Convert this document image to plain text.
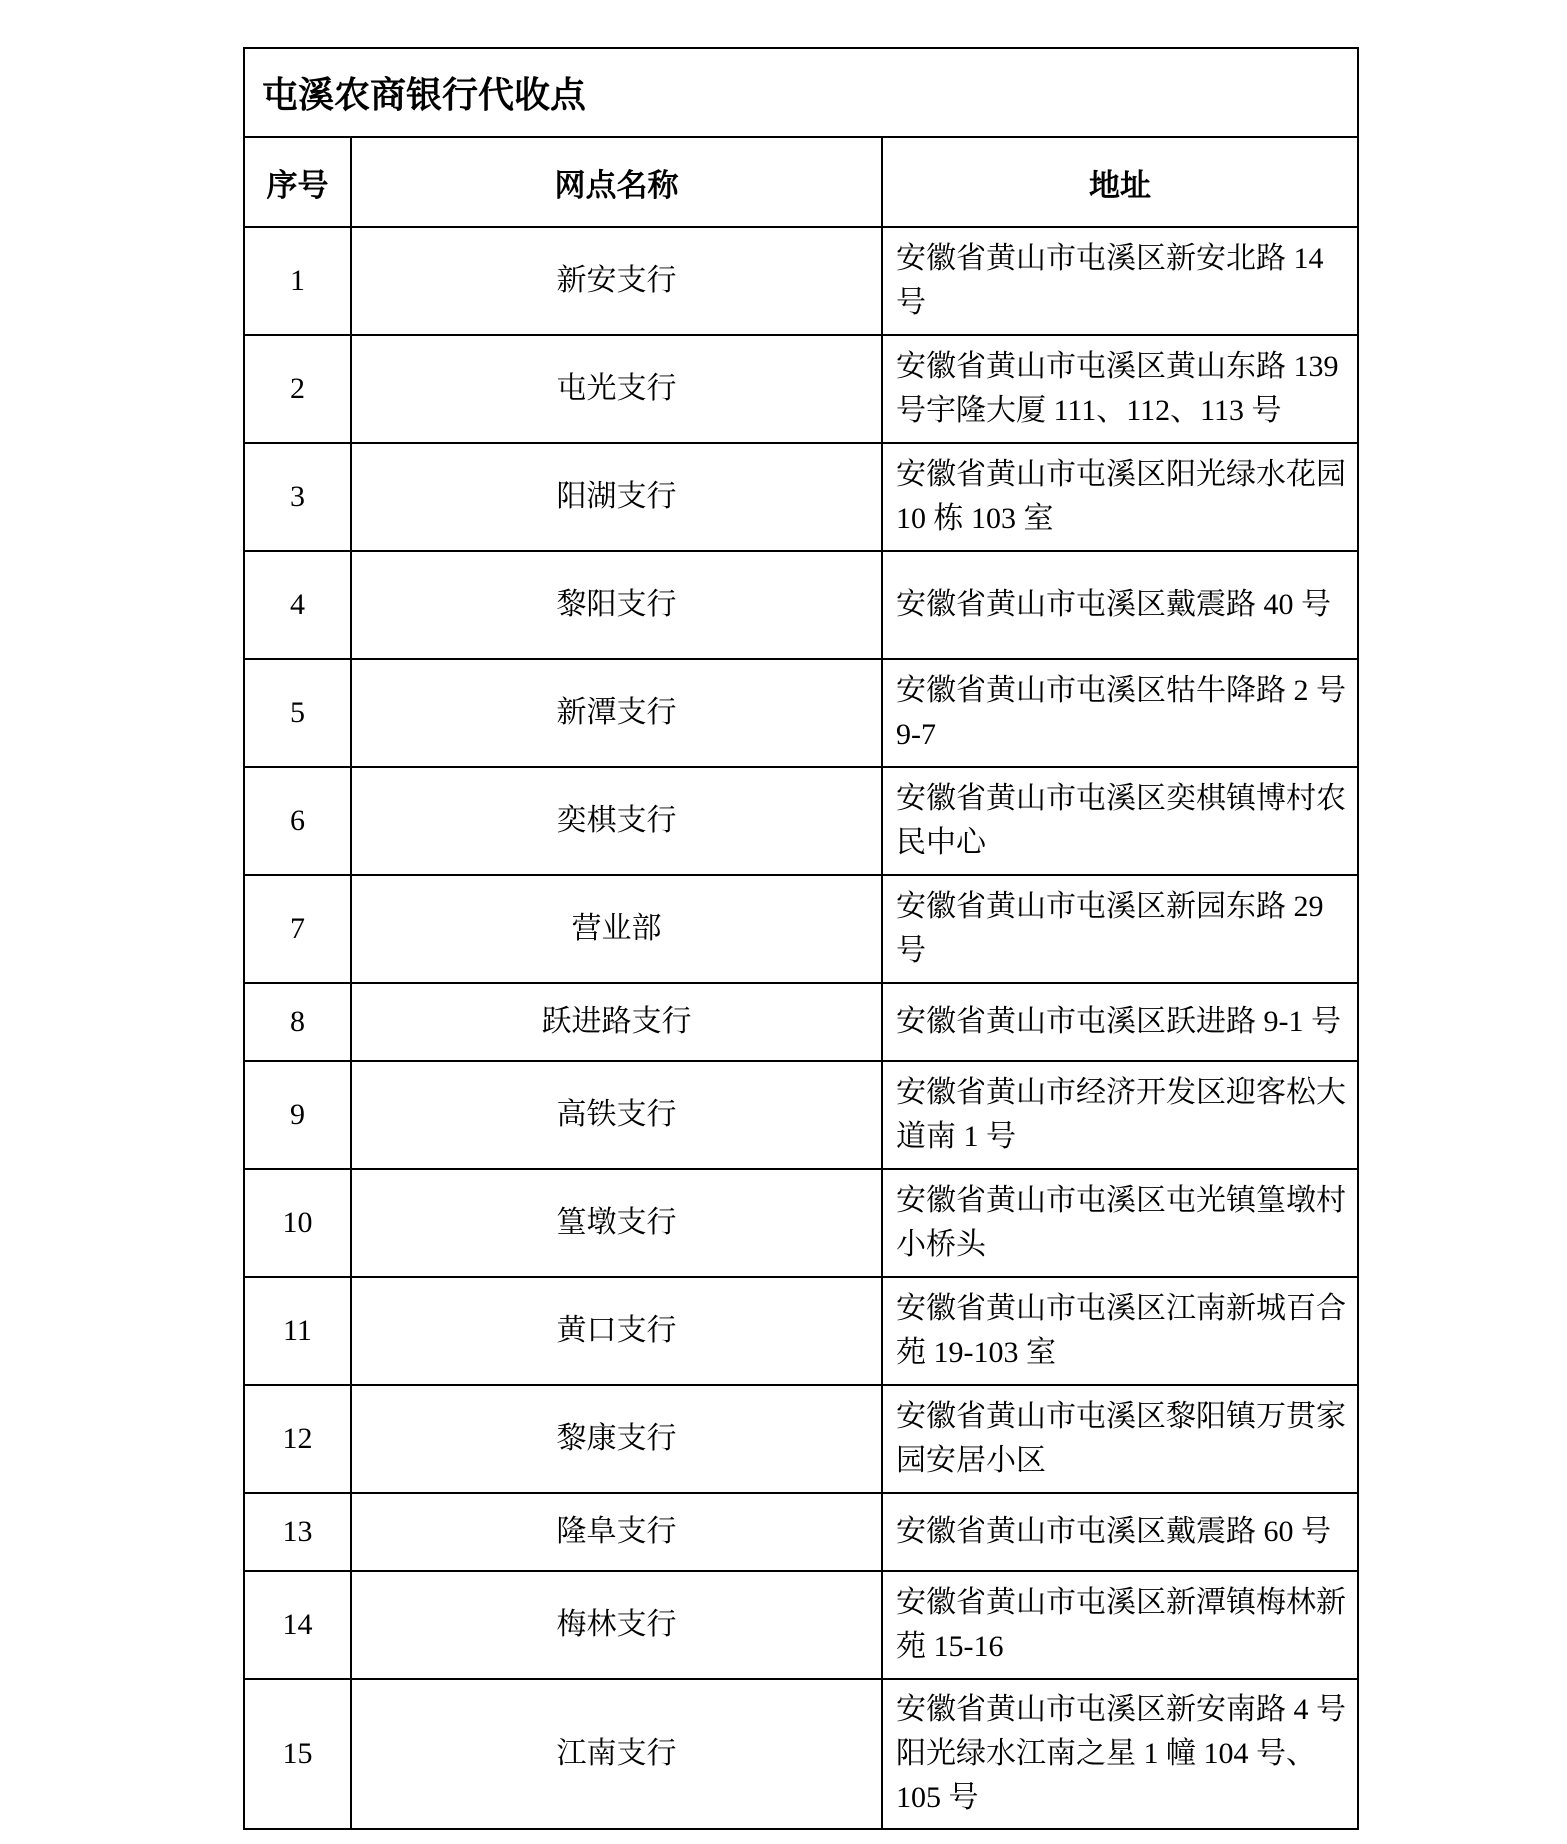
屯溪农商银行代收点		
序号	网点名称	地址
1	新安支行	安徽省黄山市屯溪区新安北路 14 号
2	屯光支行	安徽省黄山市屯溪区黄山东路 139 号宇隆大厦 111、112、113 号
3	阳湖支行	安徽省黄山市屯溪区阳光绿水花园 10 栋 103 室
4	黎阳支行	安徽省黄山市屯溪区戴震路 40 号
5	新潭支行	安徽省黄山市屯溪区牯牛降路 2 号 9-7
6	奕棋支行	安徽省黄山市屯溪区奕棋镇博村农民中心
7	营业部	安徽省黄山市屯溪区新园东路 29 号
8	跃进路支行	安徽省黄山市屯溪区跃进路 9-1 号
9	高铁支行	安徽省黄山市经济开发区迎客松大道南 1 号
10	篁墩支行	安徽省黄山市屯溪区屯光镇篁墩村小桥头
11	黄口支行	安徽省黄山市屯溪区江南新城百合苑 19-103 室
12	黎康支行	安徽省黄山市屯溪区黎阳镇万贯家园安居小区
13	隆阜支行	安徽省黄山市屯溪区戴震路 60 号
14	梅林支行	安徽省黄山市屯溪区新潭镇梅林新苑 15-16
15	江南支行	安徽省黄山市屯溪区新安南路 4 号阳光绿水江南之星 1 幢 104 号、105 号
